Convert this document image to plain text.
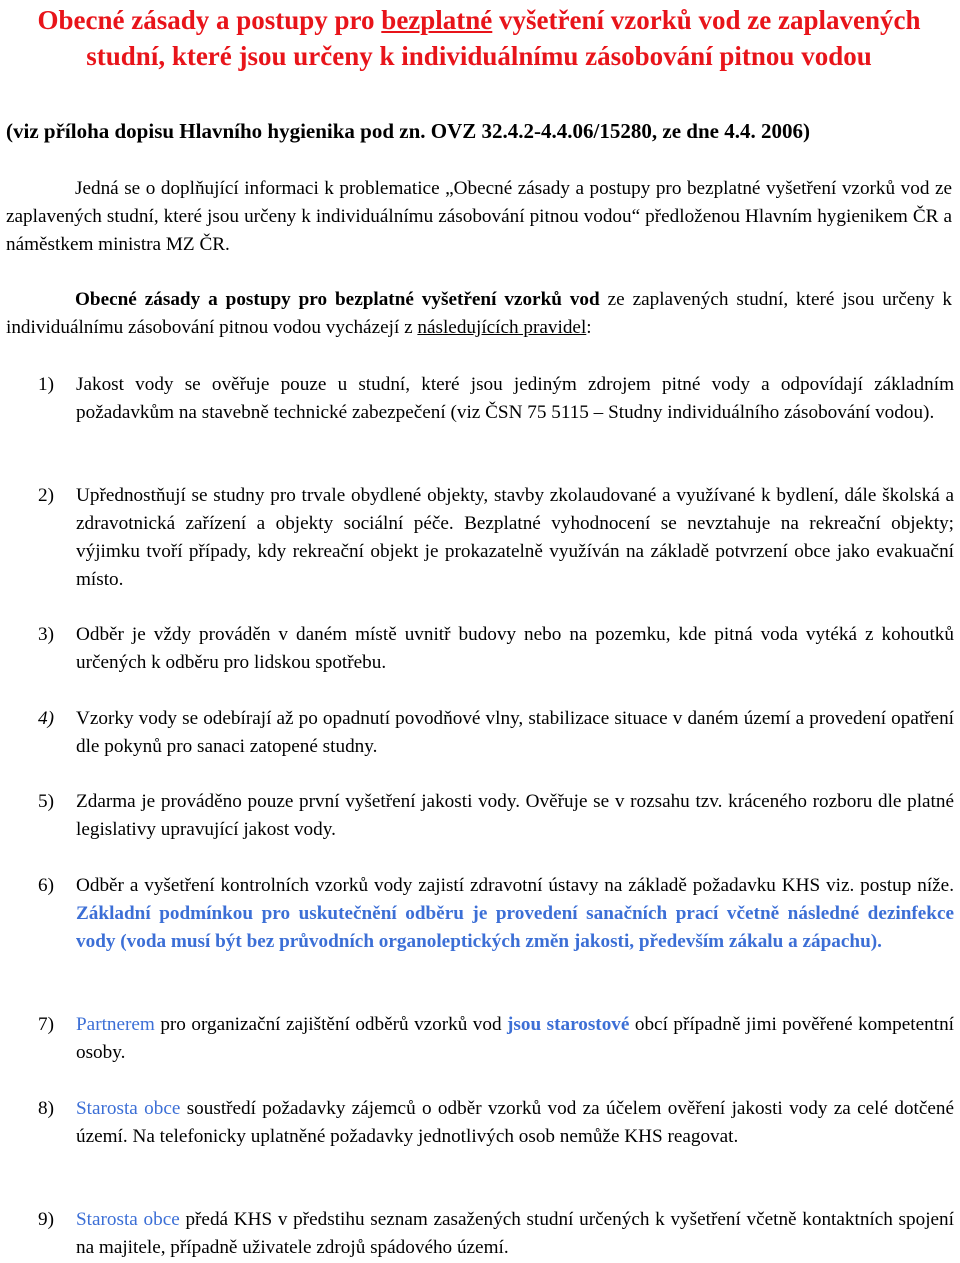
Obecné zásady a postupy pro bezplatné vyšetření vzorků vod ze zaplavených studní, které jsou určeny k individuálnímu zásobování pitnou vodou
(viz příloha dopisu Hlavního hygienika pod zn. OVZ 32.4.2-4.4.06/15280, ze dne 4.4. 2006)
Jedná se o doplňující informaci k problematice „Obecné zásady a postupy pro bezplatné vyšetření vzorků vod ze zaplavených studní, které jsou určeny k individuálnímu zásobování pitnou vodou“ předloženou Hlavním hygienikem ČR a náměstkem ministra MZ ČR.
Obecné zásady a postupy pro bezplatné vyšetření vzorků vod ze zaplavených studní, které jsou určeny k individuálnímu zásobování pitnou vodou vycházejí z následujících pravidel:
1) Jakost vody se ověřuje pouze u studní, které jsou jediným zdrojem pitné vody a odpovídají základním požadavkům na stavebně technické zabezpečení (viz ČSN 75 5115 – Studny individuálního zásobování vodou).
2) Upřednostňují se studny pro trvale obydlené objekty, stavby zkolaudované a využívané k bydlení, dále školská a zdravotnická zařízení a objekty sociální péče. Bezplatné vyhodnocení se nevztahuje na rekreační objekty; výjimku tvoří případy, kdy rekreační objekt je prokazatelně využíván na základě potvrzení obce jako evakuační místo.
3) Odběr je vždy prováděn v daném místě uvnitř budovy nebo na pozemku, kde pitná voda vytéká z kohoutků určených k odběru pro lidskou spotřebu.
4) Vzorky vody se odebírají až po opadnutí povodňové vlny, stabilizace situace v daném území a provedení opatření dle pokynů pro sanaci zatopené studny.
5) Zdarma je prováděno pouze první vyšetření jakosti vody. Ověřuje se v rozsahu tzv. kráceného rozboru dle platné legislativy upravující jakost vody.
6) Odběr a vyšetření kontrolních vzorků vody zajistí zdravotní ústavy na základě požadavku KHS viz. postup níže. Základní podmínkou pro uskutečnění odběru je provedení sanačních prací včetně následné dezinfekce vody (voda musí být bez průvodních organoleptických změn jakosti, především zákalu a zápachu).
7) Partnerem pro organizační zajištění odběrů vzorků vod jsou starostové obcí případně jimi pověřené kompetentní osoby.
8) Starosta obce soustředí požadavky zájemců o odběr vzorků vod za účelem ověření jakosti vody za celé dotčené území. Na telefonicky uplatněné požadavky jednotlivých osob nemůže KHS reagovat.
9) Starosta obce předá KHS v předstihu seznam zasažených studní určených k vyšetření včetně kontaktních spojení na majitele, případně uživatele zdrojů spádového území.
